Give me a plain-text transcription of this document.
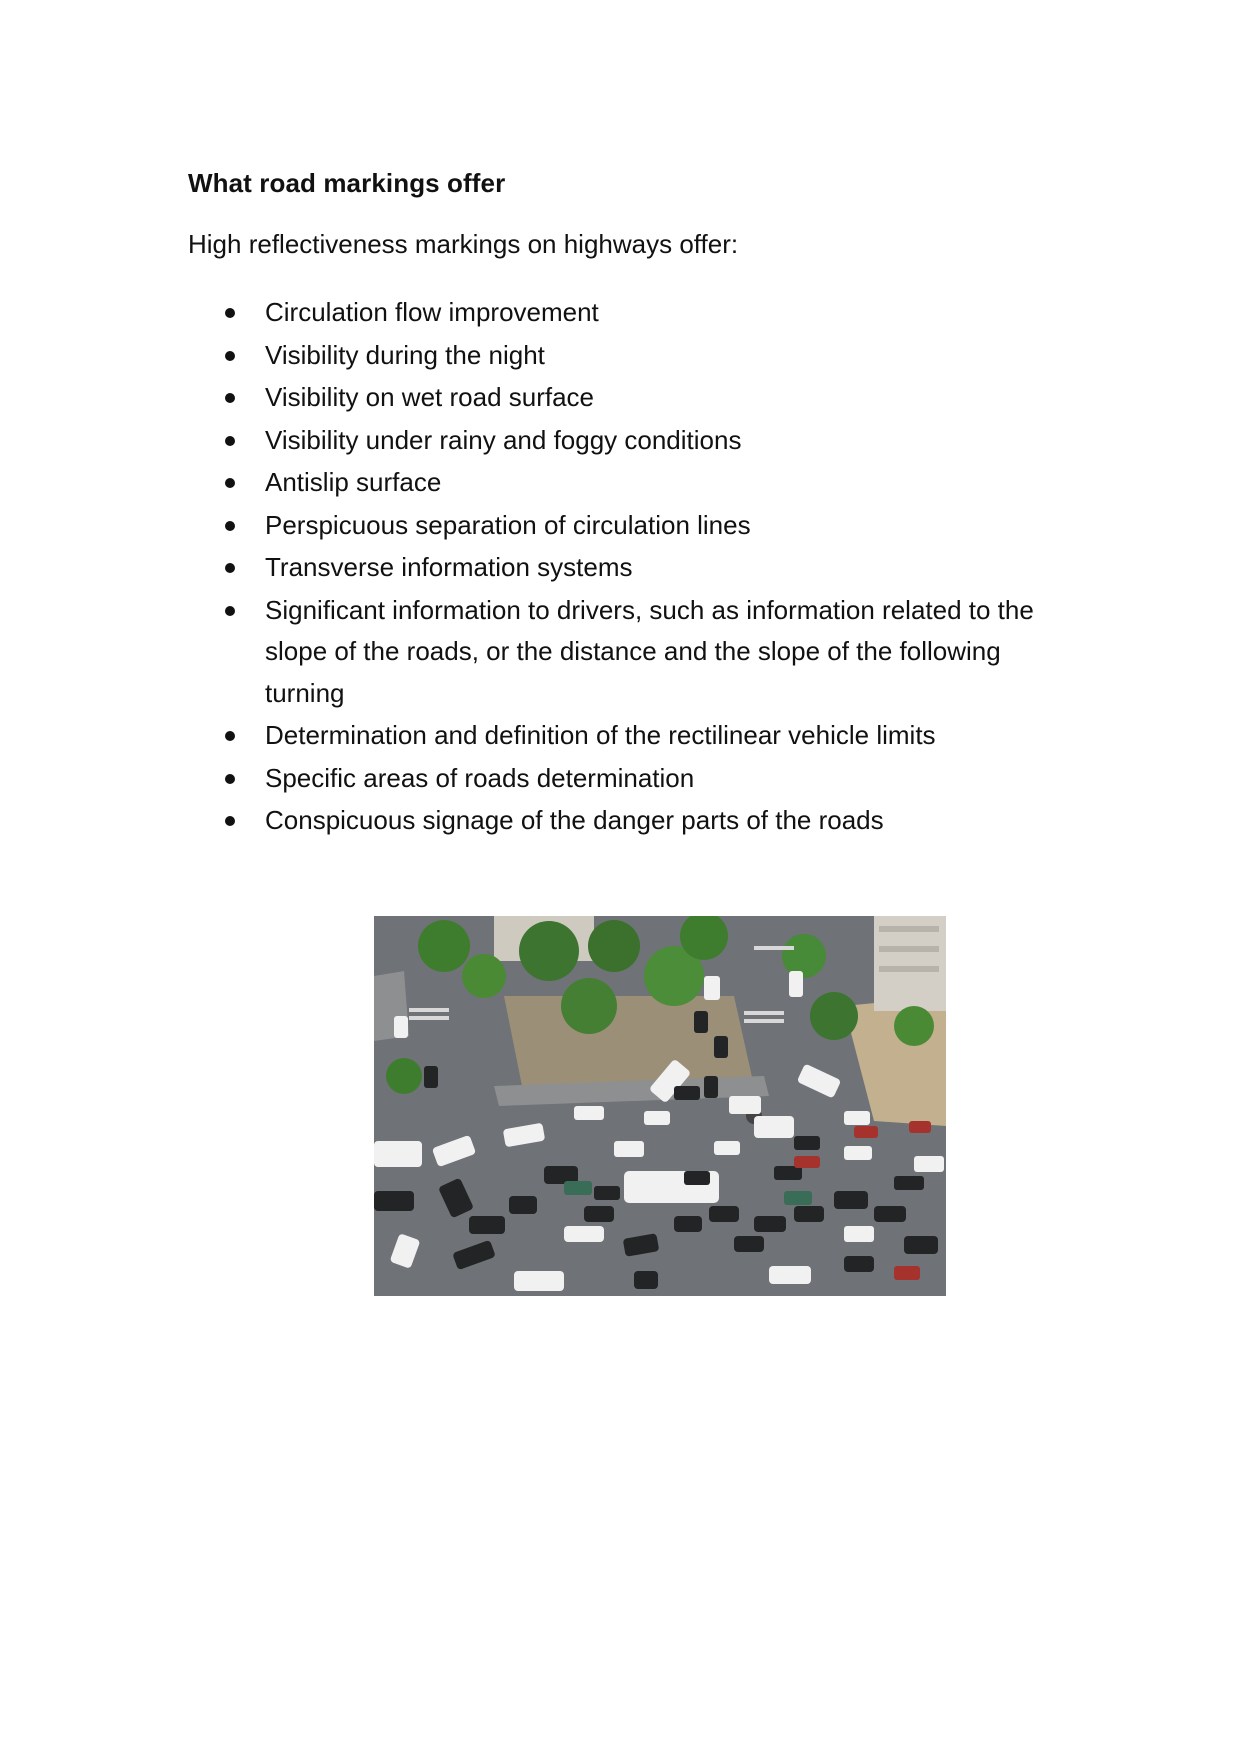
What road markings offer
High reflectiveness markings on highways offer:
Circulation flow improvement
Visibility during the night
Visibility on wet road surface
Visibility under rainy and foggy conditions
Antislip surface
Perspicuous separation of circulation lines
Transverse information systems
Significant information to drivers, such as information related to the slope of the roads, or the distance and the slope of the following turning
Determination and definition of the rectilinear vehicle limits
Specific areas of roads determination
Conspicuous signage of the danger parts of the roads
